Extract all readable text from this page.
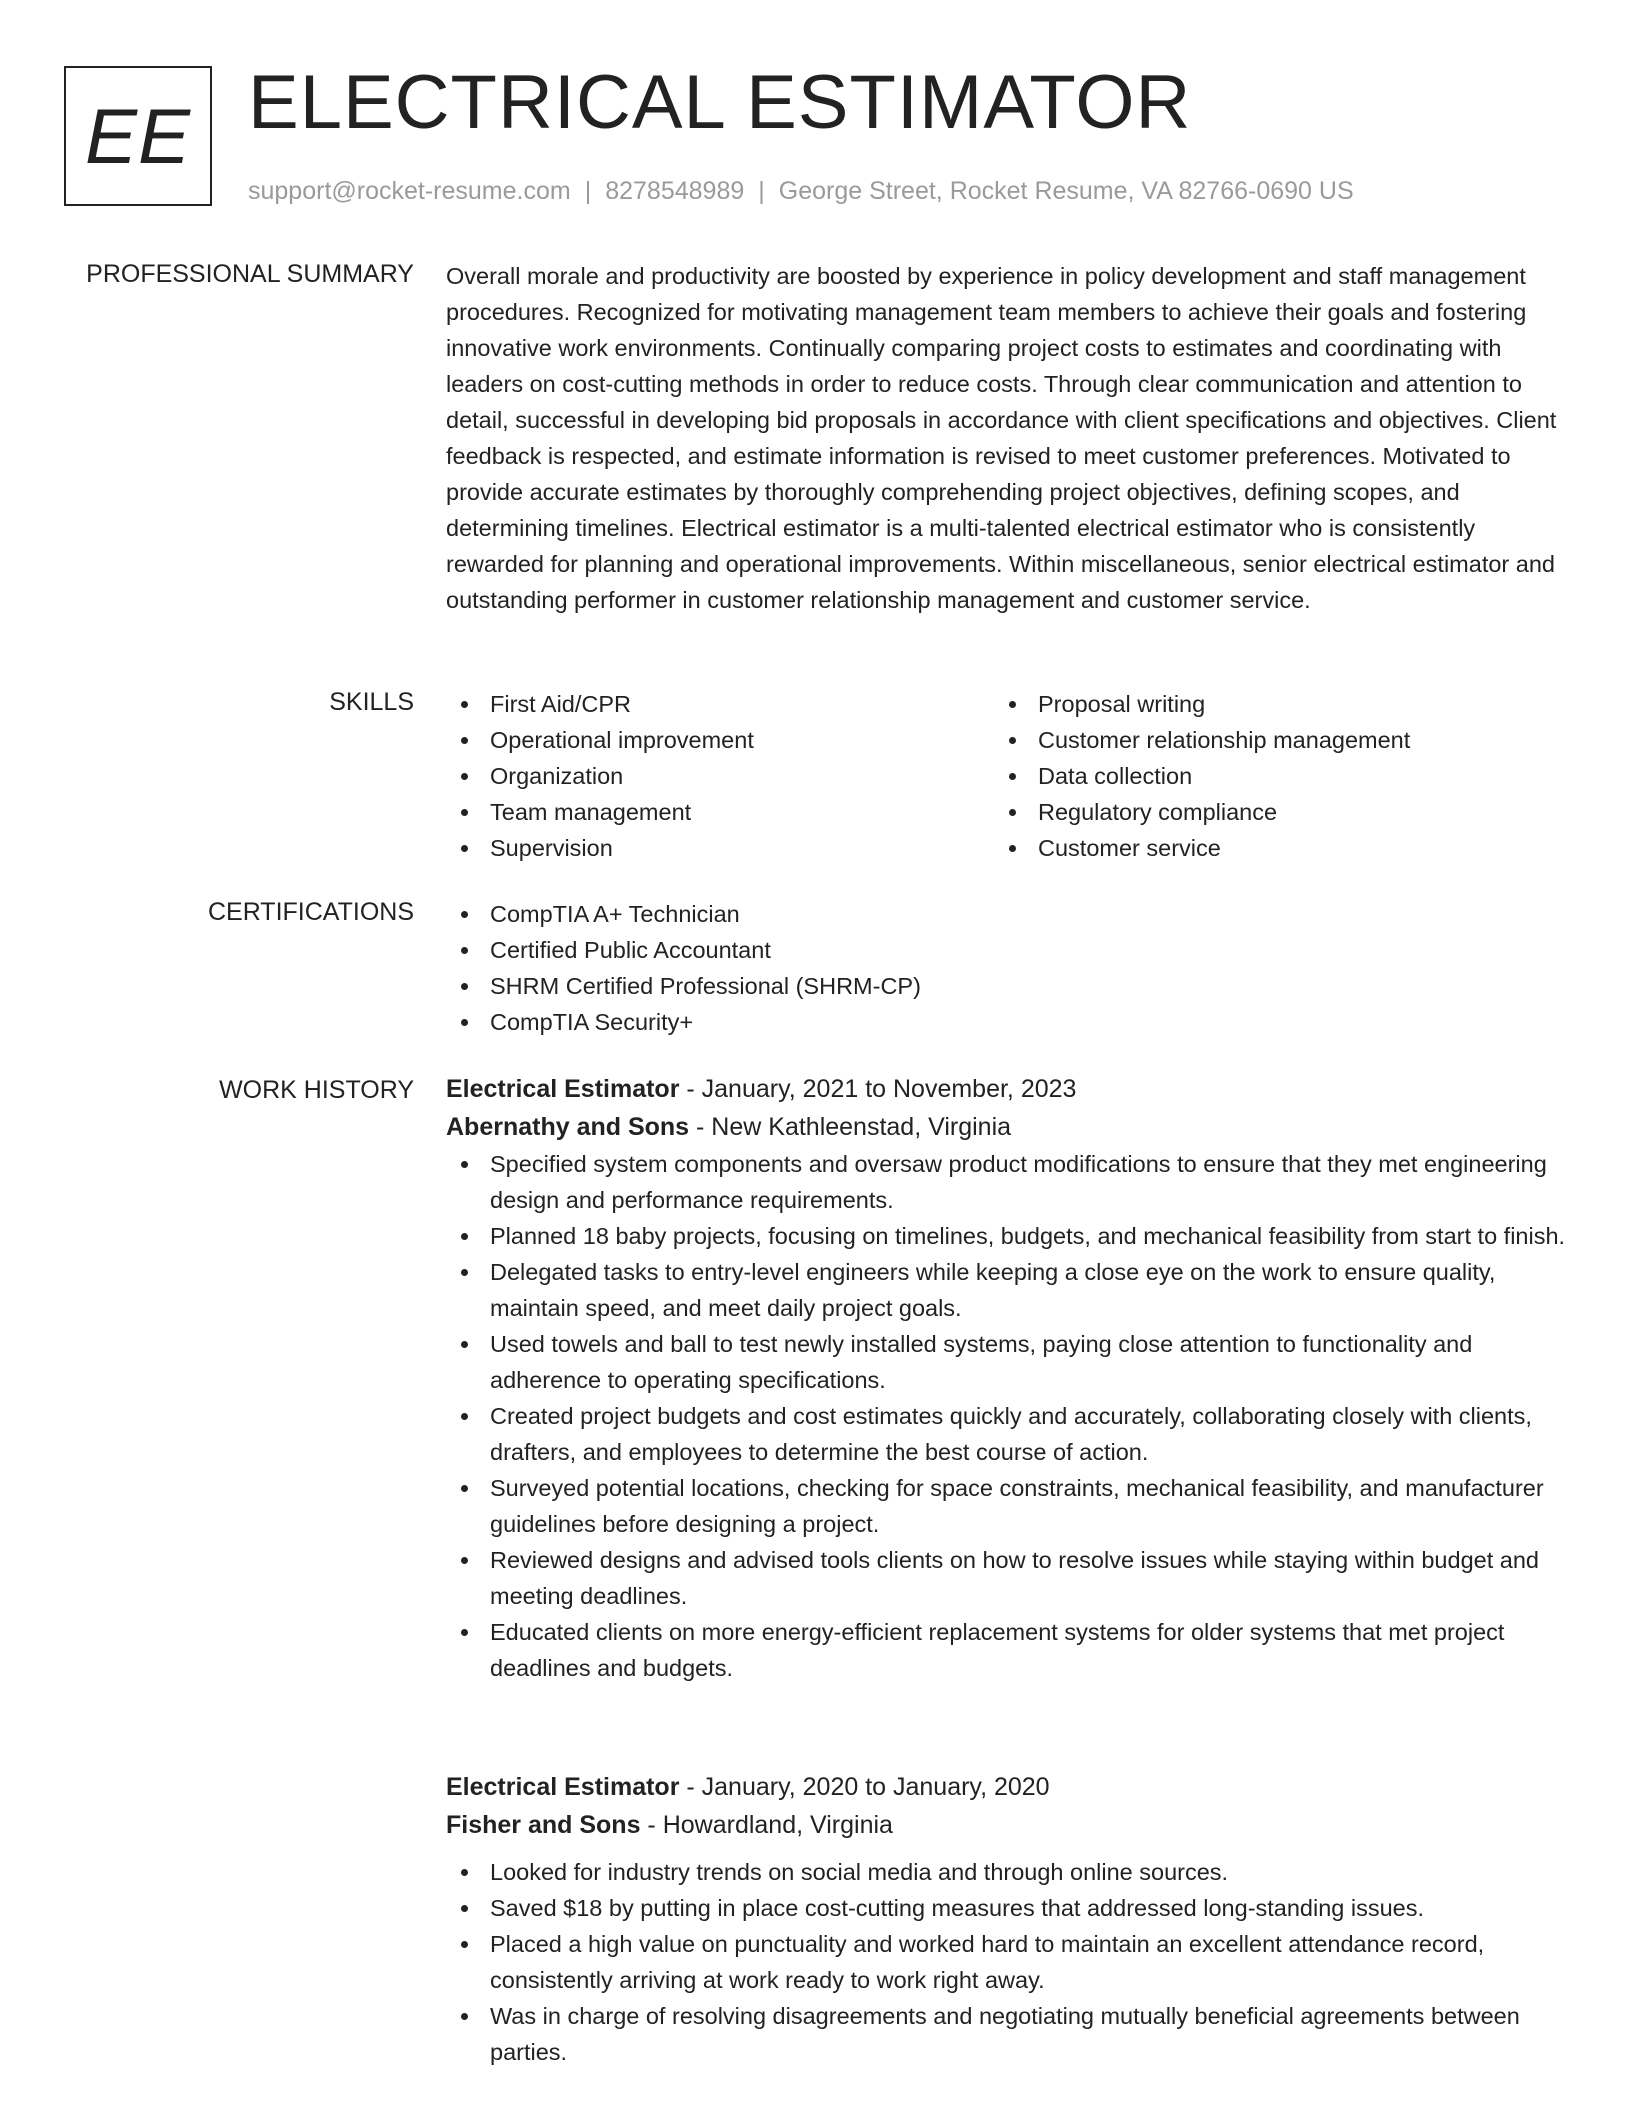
EE ELECTRICAL ESTIMATOR
support@rocket-resume.com | 8278548989 | George Street, Rocket Resume, VA 82766-0690 US
PROFESSIONAL SUMMARY Overall morale and productivity are boosted by experience in policy development and staff management procedures. Recognized for motivating management team members to achieve their goals and fostering innovative work environments. Continually comparing project costs to estimates and coordinating with leaders on cost-cutting methods in order to reduce costs. Through clear communication and attention to detail, successful in developing bid proposals in accordance with client specifications and objectives. Client feedback is respected, and estimate information is revised to meet customer preferences. Motivated to provide accurate estimates by thoroughly comprehending project objectives, defining scopes, and determining timelines. Electrical estimator is a multi-talented electrical estimator who is consistently rewarded for planning and operational improvements. Within miscellaneous, senior electrical estimator and outstanding performer in customer relationship management and customer service.

SKILLS	First Aid/CPR
Operational improvement
Organization
Team management
Supervision
Proposal writing
Customer relationship management
Data collection
Regulatory compliance
Customer service
CERTIFICATIONS	CompTIA A+ Technician
Certified Public Accountant
SHRM Certified Professional (SHRM-CP)
CompTIA Security+
WORK HISTORY Electrical Estimator - January, 2021 to November, 2023
Abernathy and Sons - New Kathleenstad, Virginia
Specified system components and oversaw product modifications to ensure that they met engineering design and performance requirements.
Planned 18 baby projects, focusing on timelines, budgets, and mechanical feasibility from start to finish.
Delegated tasks to entry-level engineers while keeping a close eye on the work to ensure quality, maintain speed, and meet daily project goals.
Used towels and ball to test newly installed systems, paying close attention to functionality and adherence to operating specifications.
Created project budgets and cost estimates quickly and accurately, collaborating closely with clients, drafters, and employees to determine the best course of action.
Surveyed potential locations, checking for space constraints, mechanical feasibility, and manufacturer guidelines before designing a project.
Reviewed designs and advised tools clients on how to resolve issues while staying within budget and meeting deadlines.
Educated clients on more energy-efficient replacement systems for older systems that met project deadlines and budgets.
Electrical Estimator - January, 2020 to January, 2020
Fisher and Sons - Howardland, Virginia
Looked for industry trends on social media and through online sources.
Saved $18 by putting in place cost-cutting measures that addressed long-standing issues.
Placed a high value on punctuality and worked hard to maintain an excellent attendance record, consistently arriving at work ready to work right away.
Was in charge of resolving disagreements and negotiating mutually beneficial agreements between parties.
